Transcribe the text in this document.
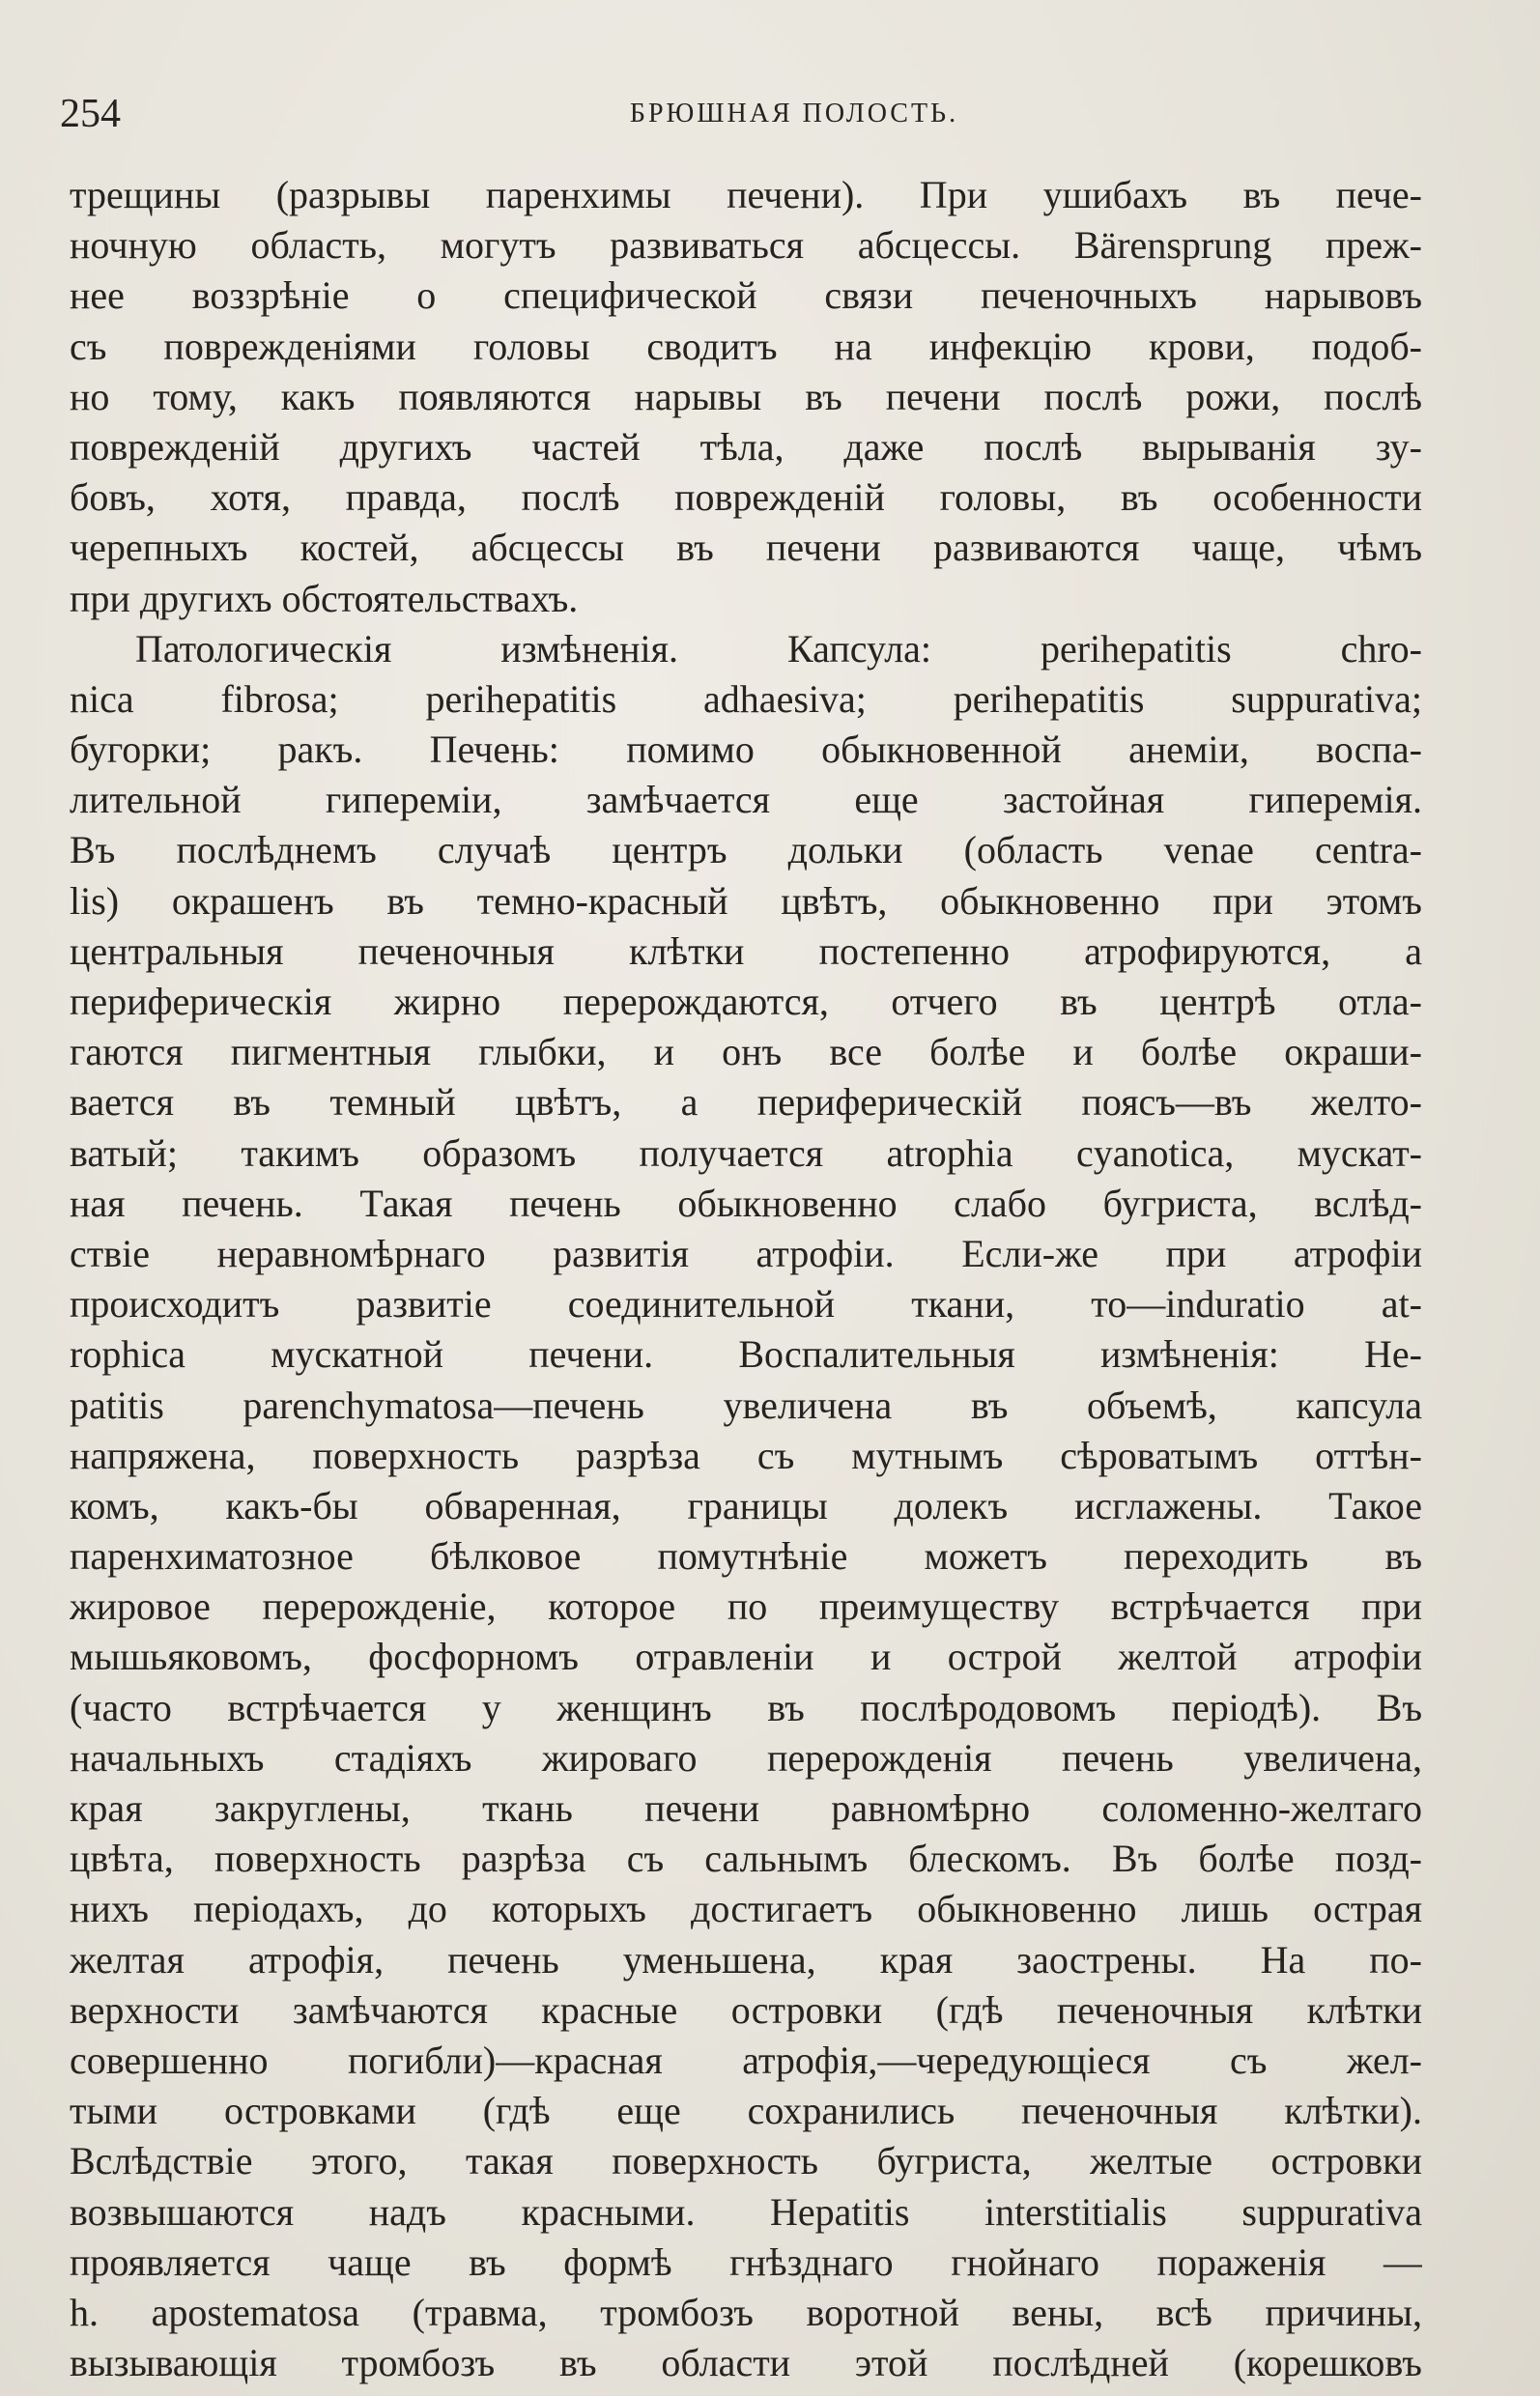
254	БРЮШНАЯ ПОЛОСТЬ.
трещины (разрывы паренхимы печени). При ушибахъ въ пече-
ночную область, могутъ развиваться абсцессы. Bärensprung преж-
нее воззрѣніе о специфической связи печеночныхъ нарывовъ
съ поврежденіями головы сводитъ на инфекцію крови, подоб-
но тому, какъ появляются нарывы въ печени послѣ рожи, послѣ
поврежденій другихъ частей тѣла, даже послѣ вырыванія зу-
бовъ, хотя, правда, послѣ поврежденій головы, въ особенности
черепныхъ костей, абсцессы въ печени развиваются чаще, чѣмъ
при другихъ обстоятельствахъ.
Патологическія измѣненія. Капсула: perihepatitis chro-
nica fibrosa; perihepatitis adhaesiva; perihepatitis suppurativa;
бугорки; ракъ. Печень: помимо обыкновенной анеміи, воспа-
лительной гипереміи, замѣчается еще застойная гиперемія.
Въ послѣднемъ случаѣ центръ дольки (область venae centra-
lis) окрашенъ въ темно-красный цвѣтъ, обыкновенно при этомъ
центральныя печеночныя клѣтки постепенно атрофируются, а
периферическія жирно перерождаются, отчего въ центрѣ отла-
гаются пигментныя глыбки, и онъ все болѣе и болѣе окраши-
вается въ темный цвѣтъ, а периферическій поясъ—въ желто-
ватый; такимъ образомъ получается atrophia cyanotica, мускат-
ная печень. Такая печень обыкновенно слабо бугриста, вслѣд-
ствіе неравномѣрнаго развитія атрофіи. Если-же при атрофіи
происходитъ развитіе соединительной ткани, то—induratio at-
rophica мускатной печени. Воспалительныя измѣненія: He-
patitis parenchymatosa—печень увеличена въ объемѣ, капсула
напряжена, поверхность разрѣза съ мутнымъ сѣроватымъ оттѣн-
комъ, какъ-бы обваренная, границы долекъ исглажены. Такое
паренхиматозное бѣлковое помутнѣніе можетъ переходить въ
жировое перерожденіе, которое по преимуществу встрѣчается при
мышьяковомъ, фосфорномъ отравленіи и острой желтой атрофіи
(часто встрѣчается у женщинъ въ послѣродовомъ періодѣ). Въ
начальныхъ стадіяхъ жироваго перерожденія печень увеличена,
края закруглены, ткань печени равномѣрно соломенно-желтаго
цвѣта, поверхность разрѣза съ сальнымъ блескомъ. Въ болѣе позд-
нихъ періодахъ, до которыхъ достигаетъ обыкновенно лишь острая
желтая атрофія, печень уменьшена, края заострены. На по-
верхности замѣчаются красные островки (гдѣ печеночныя клѣтки
совершенно погибли)—красная атрофія,—чередующіеся съ жел-
тыми островками (гдѣ еще сохранились печеночныя клѣтки).
Вслѣдствіе этого, такая поверхность бугриста, желтые островки
возвышаются надъ красными. Hepatitis interstitialis suppurativa
проявляется чаще въ формѣ гнѣзднаго гнойнаго пораженія —
h. apostematosa (травма, тромбозъ воротной вены, всѣ причины,
вызывающія тромбозъ въ области этой послѣдней (корешковъ
